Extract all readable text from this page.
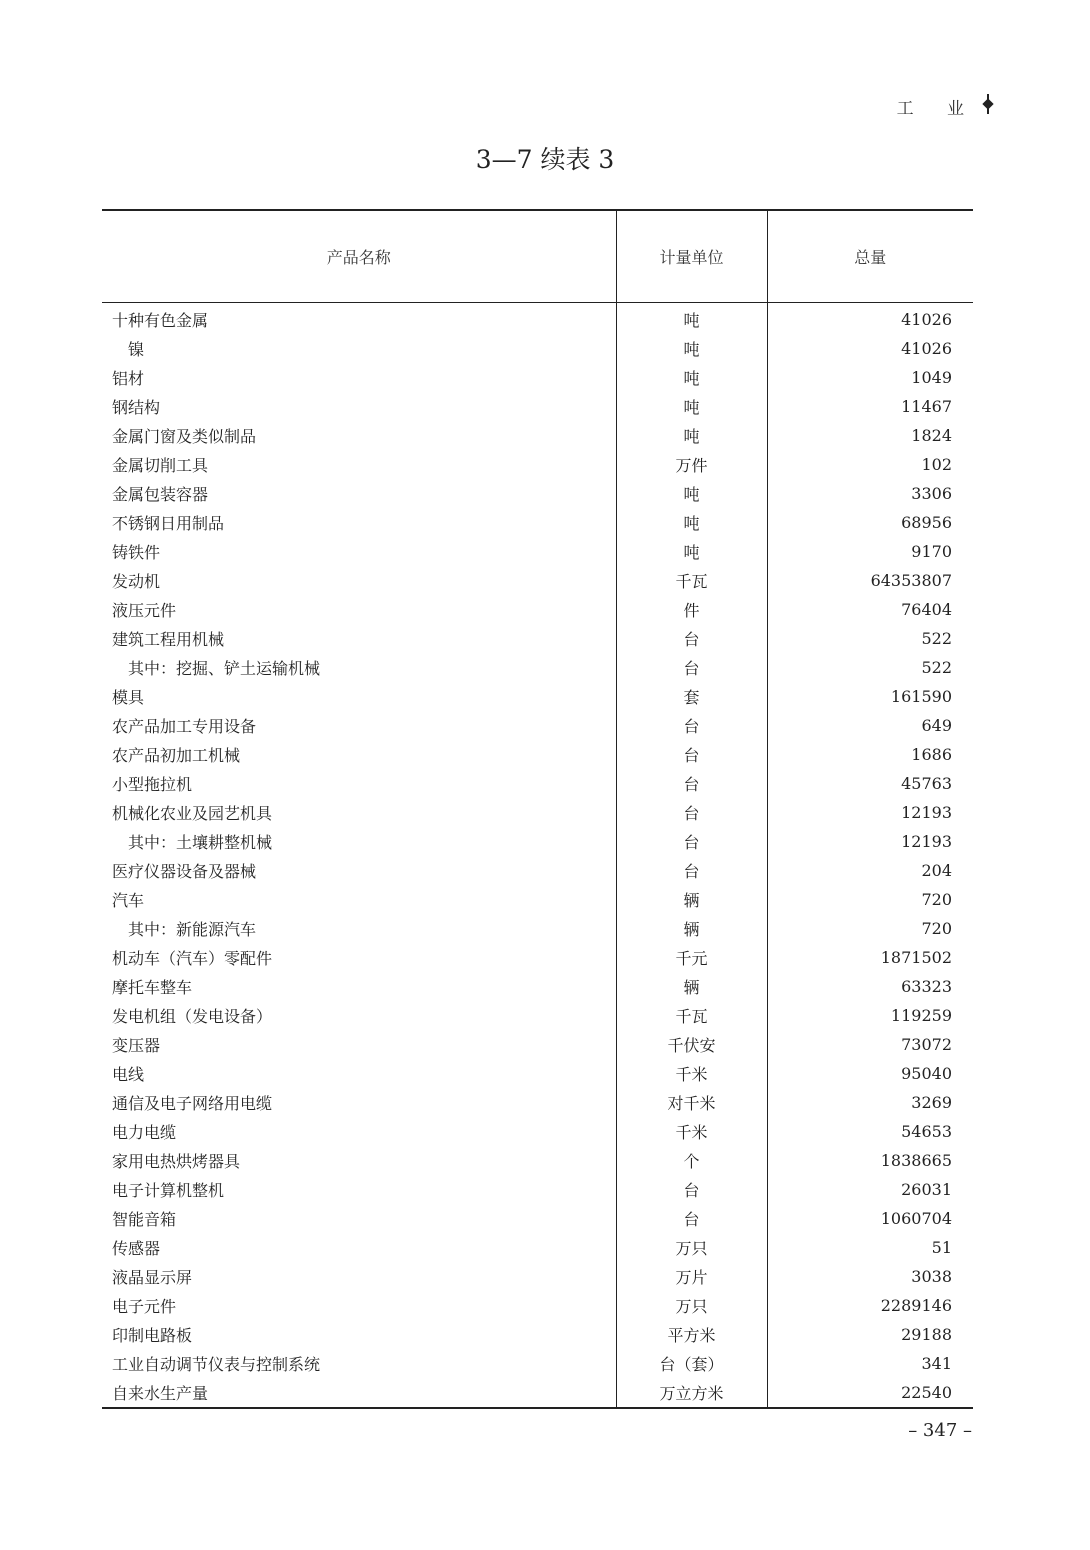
工 业
3—7 续表 3
产品名称	计量单位	总量
十种有色金属	吨	41026
镍	吨	41026
铝材	吨	1049
钢结构	吨	11467
金属门窗及类似制品	吨	1824
金属切削工具	万件	102
金属包装容器	吨	3306
不锈钢日用制品	吨	68956
铸铁件	吨	9170
发动机	千瓦	64353807
液压元件	件	76404
建筑工程用机械	台	522
其中：挖掘、铲土运输机械	台	522
模具	套	161590
农产品加工专用设备	台	649
农产品初加工机械	台	1686
小型拖拉机	台	45763
机械化农业及园艺机具	台	12193
其中：土壤耕整机械	台	12193
医疗仪器设备及器械	台	204
汽车	辆	720
其中：新能源汽车	辆	720
机动车（汽车）零配件	千元	1871502
摩托车整车	辆	63323
发电机组（发电设备）	千瓦	119259
变压器	千伏安	73072
电线	千米	95040
通信及电子网络用电缆	对千米	3269
电力电缆	千米	54653
家用电热烘烤器具	个	1838665
电子计算机整机	台	26031
智能音箱	台	1060704
传感器	万只	51
液晶显示屏	万片	3038
电子元件	万只	2289146
印制电路板	平方米	29188
工业自动调节仪表与控制系统	台（套）	341
自来水生产量	万立方米	22540
– 347 –
